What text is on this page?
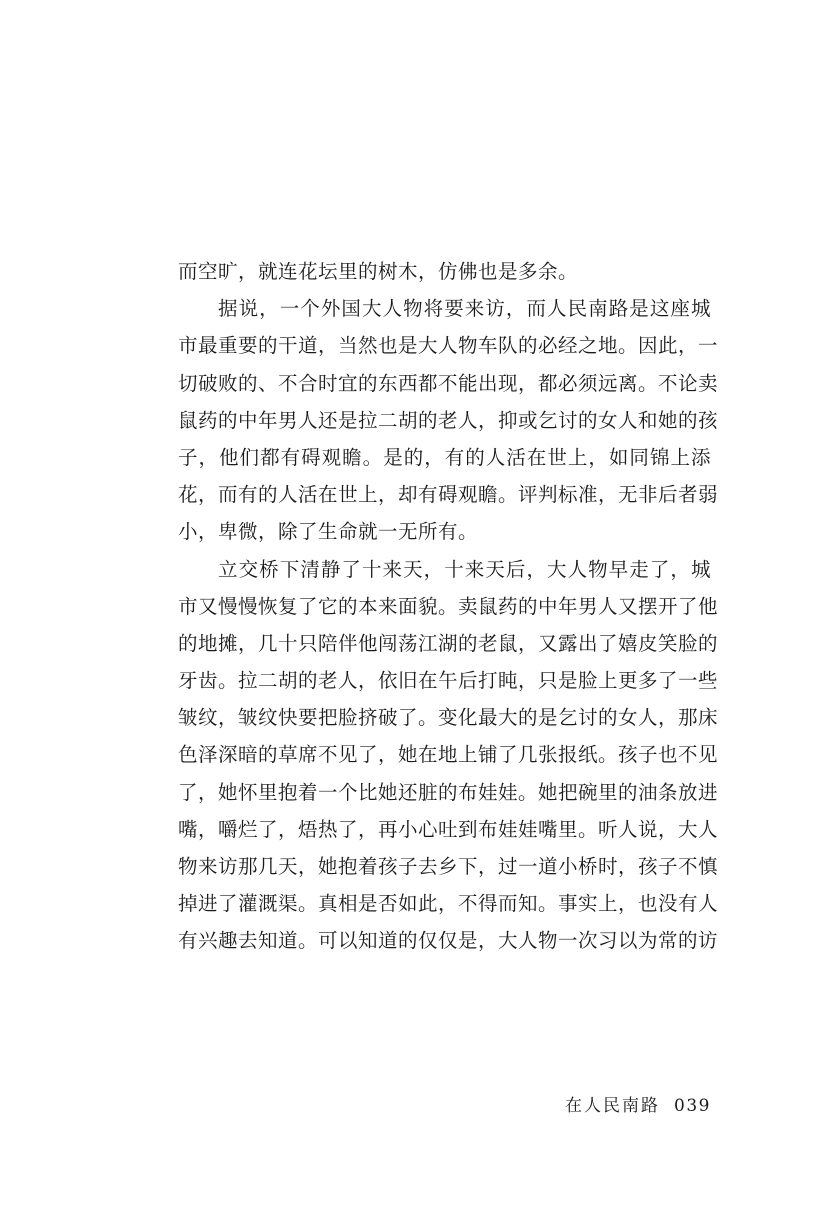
而空旷，就连花坛里的树木，仿佛也是多余。
据说，一个外国大人物将要来访，而人民南路是这座城
市最重要的干道，当然也是大人物车队的必经之地。因此，一
切破败的、不合时宜的东西都不能出现，都必须远离。不论卖
鼠药的中年男人还是拉二胡的老人，抑或乞讨的女人和她的孩
子，他们都有碍观瞻。是的，有的人活在世上，如同锦上添
花，而有的人活在世上，却有碍观瞻。评判标准，无非后者弱
小，卑微，除了生命就一无所有。
立交桥下清静了十来天，十来天后，大人物早走了，城
市又慢慢恢复了它的本来面貌。卖鼠药的中年男人又摆开了他
的地摊，几十只陪伴他闯荡江湖的老鼠，又露出了嬉皮笑脸的
牙齿。拉二胡的老人，依旧在午后打盹，只是脸上更多了一些
皱纹，皱纹快要把脸挤破了。变化最大的是乞讨的女人，那床
色泽深暗的草席不见了，她在地上铺了几张报纸。孩子也不见
了，她怀里抱着一个比她还脏的布娃娃。她把碗里的油条放进
嘴，嚼烂了，焐热了，再小心吐到布娃娃嘴里。听人说，大人
物来访那几天，她抱着孩子去乡下，过一道小桥时，孩子不慎
掉进了灌溉渠。真相是否如此，不得而知。事实上，也没有人
有兴趣去知道。可以知道的仅仅是，大人物一次习以为常的访
在人民南路 039
